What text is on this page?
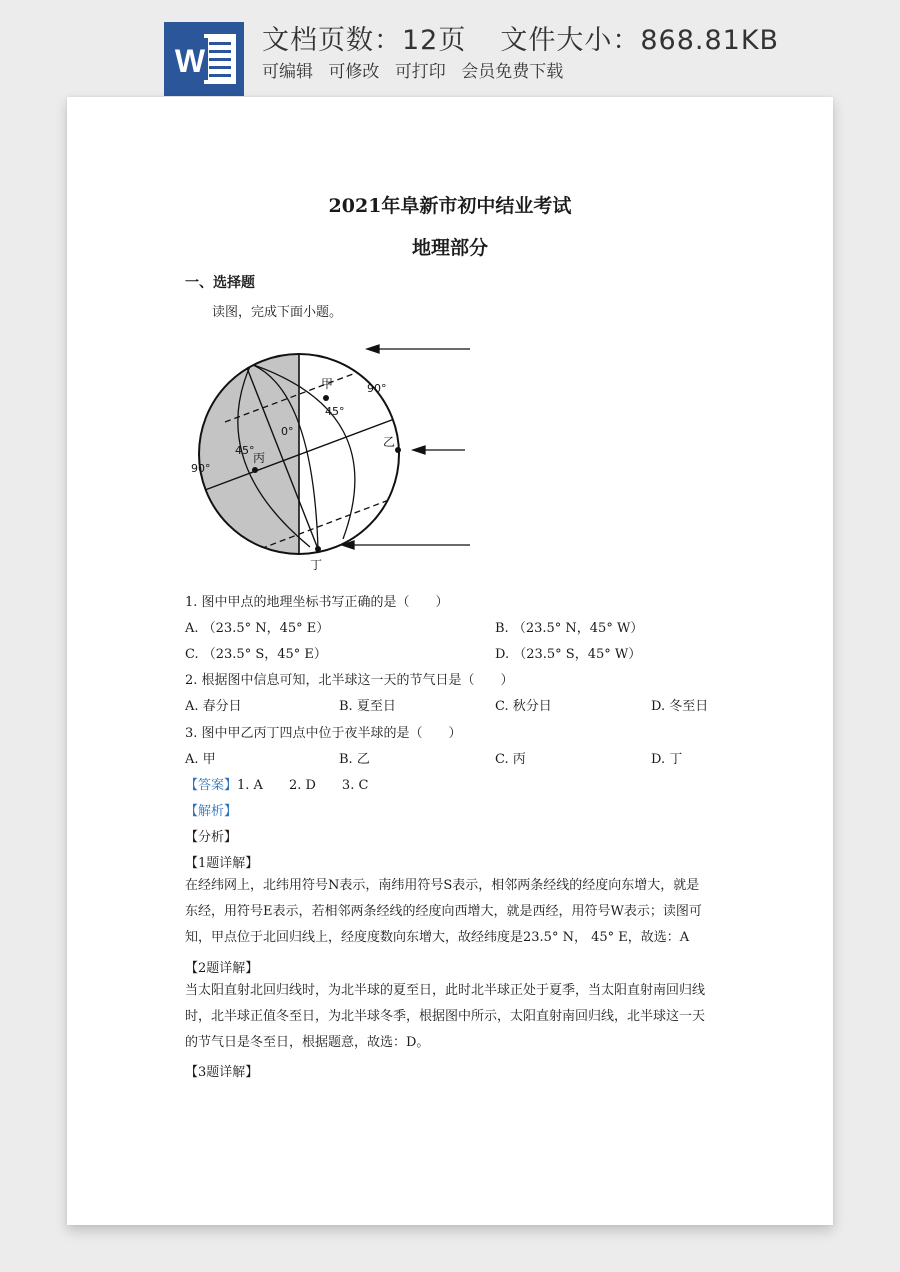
W
文档页数：12页 文件大小：868.81KB
可编辑 可修改 可打印 会员免费下载
2021年阜新市初中结业考试
地理部分
一、选择题
读图，完成下面小题。
甲
乙
丙
丁
90°
45°
0°
45°
90°
1. 图中甲点的地理坐标书写正确的是（　　）
A. （23.5° N，45° E）	B. （23.5° N，45° W）
C. （23.5° S，45° E）	D. （23.5° S，45° W）
2. 根据图中信息可知，北半球这一天的节气日是（　　）
A. 春分日	B. 夏至日	C. 秋分日	D. 冬至日
3. 图中甲乙丙丁四点中位于夜半球的是（　　）
A. 甲	B. 乙	C. 丙	D. 丁
【答案】1. A 2. D 3. C
【解析】
【分析】
【1题详解】
在经纬网上，北纬用符号N表示，南纬用符号S表示，相邻两条经线的经度向东增大，就是
东经，用符号E表示，若相邻两条经线的经度向西增大，就是西经，用符号W表示；读图可
知，甲点位于北回归线上，经度度数向东增大，故经纬度是23.5° N， 45° E，故选：A
【2题详解】
当太阳直射北回归线时，为北半球的夏至日，此时北半球正处于夏季，当太阳直射南回归线
时，北半球正值冬至日，为北半球冬季，根据图中所示，太阳直射南回归线，北半球这一天
的节气日是冬至日，根据题意，故选：D。
【3题详解】
